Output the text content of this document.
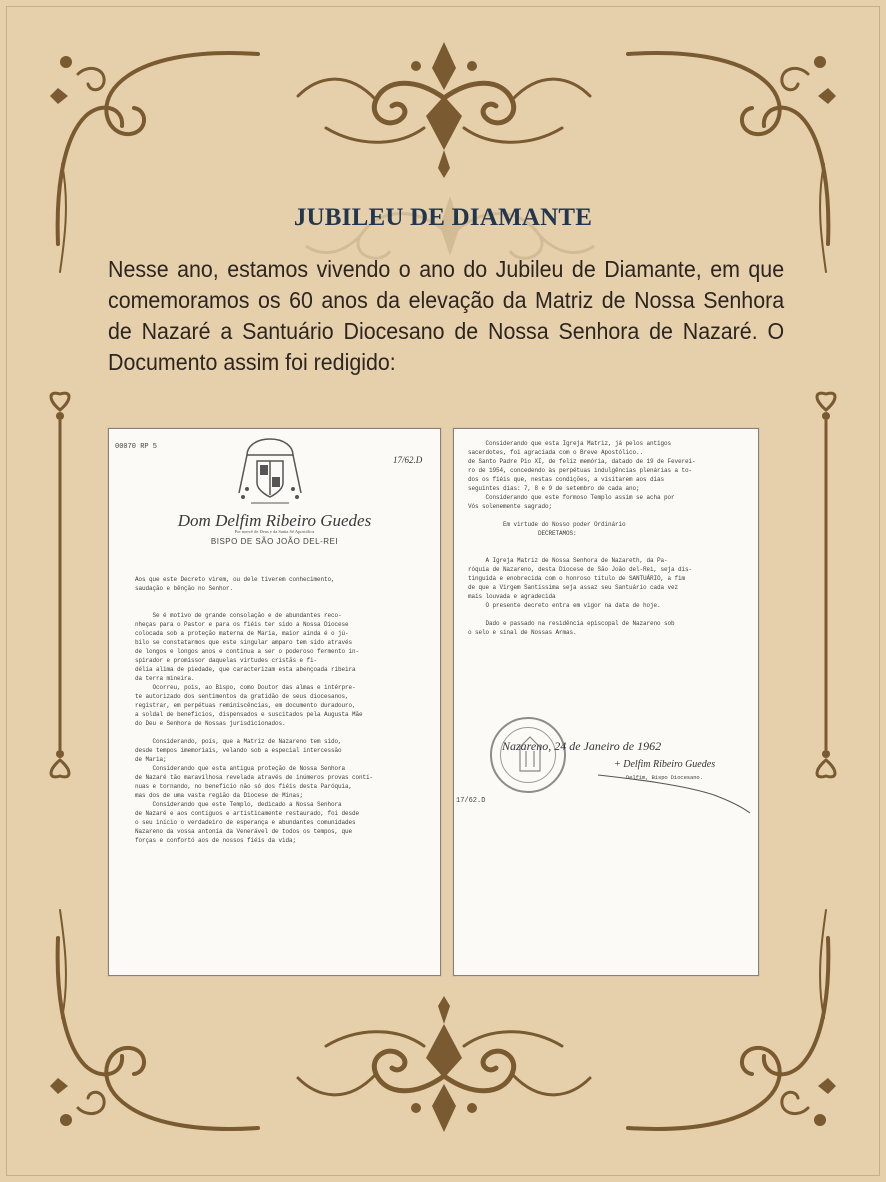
JUBILEU DE DIAMANTE

Nesse ano, estamos vivendo o ano do Jubileu de Diamante, em que comemoramos os 60 anos da elevação da Matriz de Nossa Senhora de Nazaré a Santuário Diocesano de Nossa Senhora de Nazaré. O Documento assim foi redigido:

00070 RP 5
17/62.D
Dom Delfim Ribeiro Guedes
Por mercê de Deus e da Santa Sé Apostólica
BISPO DE SÃO JOÃO DEL-REI
Aos que este Decreto virem, ou dele tiverem conhecimento,
saudação e bênção no Senhor.

Se é motivo de grande consolação e de abundantes reco-
nheças para o Pastor e para os fiéis ter sido a Nossa Diocese
colocada sob a proteção materna de Maria, maior ainda é o jú-
bilo se constatarmos que este singular amparo tem sido através
de longos e longos anos e continua a ser o poderoso fermento in-
spirador e promissor daquelas virtudes cristãs e fi-
délia alima de piedade, que caracterizam esta abençoada ribeira
da terra mineira.
Ocorreu, pois, ao Bispo, como Doutor das almas e intérpre-
te autorizado dos sentimentos da gratidão de seus diocesanos,
registrar, em perpétuas reminiscências, em documento duradouro,
a soldal de benefícios, dispensados e suscitados pela Augusta Mãe
do Deu e Senhora de Nossas jurisdicionados.

Considerando, pois, que a Matriz de Nazareno tem sido,
desde tempos imemoriais, velando sob a especial intercessão
de Maria;
Considerando que esta antigua proteção de Nossa Senhora
de Nazaré tão maravilhosa revelada através de inúmeros provas contí-
nuas e tornando, no benefício não só dos fiéis desta Paróquia,
mas dos de uma vasta região da Diocese de Minas;
Considerando que este Templo, dedicado a Nossa Senhora
de Nazaré e aos contíguos e artisticamente restaurado, foi desde
o seu início o verdadeiro de esperança e abundantes comunidades
Nazareno da vossa antonia da Venerável de todos os tempos, que
forças e confortó aos de nossos fiéis da vida;
Considerando que esta Igreja Matriz, já pelos antigos
sacerdotes, foi agraciada com o Breve Apostólico..
de Santo Padre Pio XI, de feliz memória, datado de 19 de Feverei-
ro de 1954, concedendo às perpétuas indulgências plenárias a to-
dos os fiéis que, nestas condições, a visitarem aos dias
seguintes dias: 7, 8 e 9 de setembro de cada ano;
Considerando que este formoso Templo assim se acha por
Vós solenemente sagrado;

Em virtude do Nosso poder Ordinário
DECRETAMOS:

A Igreja Matriz de Nossa Senhora de Nazareth, da Pa-
róquia de Nazareno, desta Diocese de São João del-Rei, seja dis-
tinguida e enobrecida com o honroso título de SANTUÁRIO, a fim
de que a Virgem Santíssima seja assaz seu Santuário cada vez
mais louvada e agradecida
O presente decreto entra em vigor na data de hoje.

Dado e passado na residência episcopal de Nazareno sob
o selo e sinal de Nossas Armas.
Nazareno, 24 de Janeiro de 1962
+ Delfim Ribeiro Guedes
Delfim, Bispo Diocesano.
17/62.D
